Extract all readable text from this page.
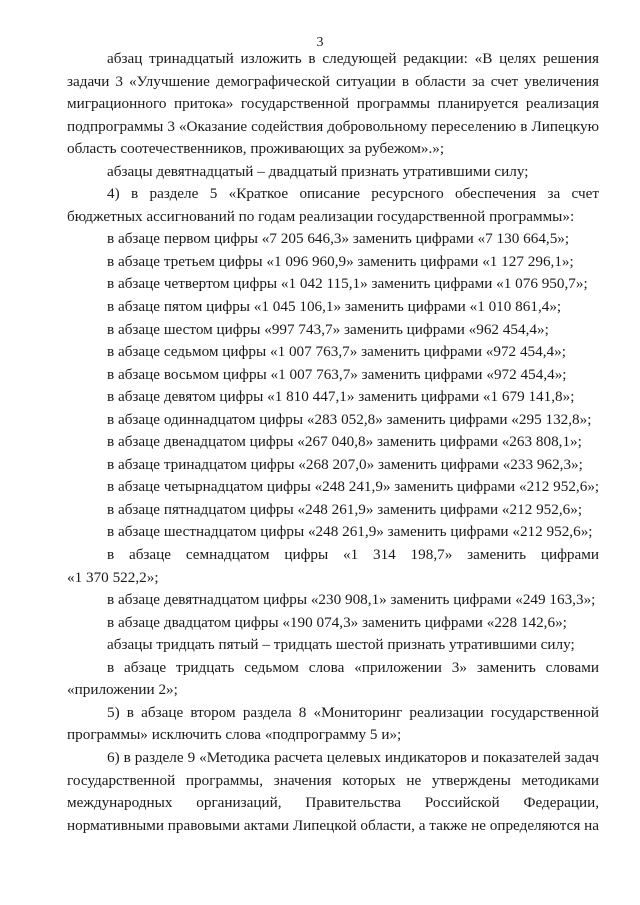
3
абзац тринадцатый изложить в следующей редакции: «В целях решения
задачи 3 «Улучшение демографической ситуации в области за счет увеличения
миграционного притока» государственной программы планируется реализация
подпрограммы 3 «Оказание содействия добровольному переселению в Липецкую
область соотечественников, проживающих за рубежом».»;
абзацы девятнадцатый – двадцатый признать утратившими силу;
4) в разделе 5 «Краткое описание ресурсного обеспечения за счет
бюджетных ассигнований по годам реализации государственной программы»:
в абзаце первом цифры «7 205 646,3» заменить цифрами «7 130 664,5»;
в абзаце третьем цифры «1 096 960,9» заменить цифрами «1 127 296,1»;
в абзаце четвертом цифры «1 042 115,1» заменить цифрами «1 076 950,7»;
в абзаце пятом цифры «1 045 106,1» заменить цифрами «1 010 861,4»;
в абзаце шестом цифры «997 743,7» заменить цифрами «962 454,4»;
в абзаце седьмом цифры «1 007 763,7» заменить цифрами «972 454,4»;
в абзаце восьмом цифры «1 007 763,7» заменить цифрами «972 454,4»;
в абзаце девятом цифры «1 810 447,1» заменить цифрами «1 679 141,8»;
в абзаце одиннадцатом цифры «283 052,8» заменить цифрами «295 132,8»;
в абзаце двенадцатом цифры «267 040,8» заменить цифрами «263 808,1»;
в абзаце тринадцатом цифры «268 207,0» заменить цифрами «233 962,3»;
в абзаце четырнадцатом цифры «248 241,9» заменить цифрами «212 952,6»;
в абзаце пятнадцатом цифры «248 261,9» заменить цифрами «212 952,6»;
в абзаце шестнадцатом цифры «248 261,9» заменить цифрами «212 952,6»;
в абзаце семнадцатом цифры «1 314 198,7» заменить цифрами
«1 370 522,2»;
в абзаце девятнадцатом цифры «230 908,1» заменить цифрами «249 163,3»;
в абзаце двадцатом цифры «190 074,3» заменить цифрами «228 142,6»;
абзацы тридцать пятый – тридцать шестой признать утратившими силу;
в абзаце тридцать седьмом слова «приложении 3» заменить словами
«приложении 2»;
5) в абзаце втором раздела 8 «Мониторинг реализации государственной
программы» исключить слова «подпрограмму 5 и»;
6) в разделе 9 «Методика расчета целевых индикаторов и показателей задач
государственной программы, значения которых не утверждены методиками
международных организаций, Правительства Российской Федерации,
нормативными правовыми актами Липецкой области, а также не определяются на
